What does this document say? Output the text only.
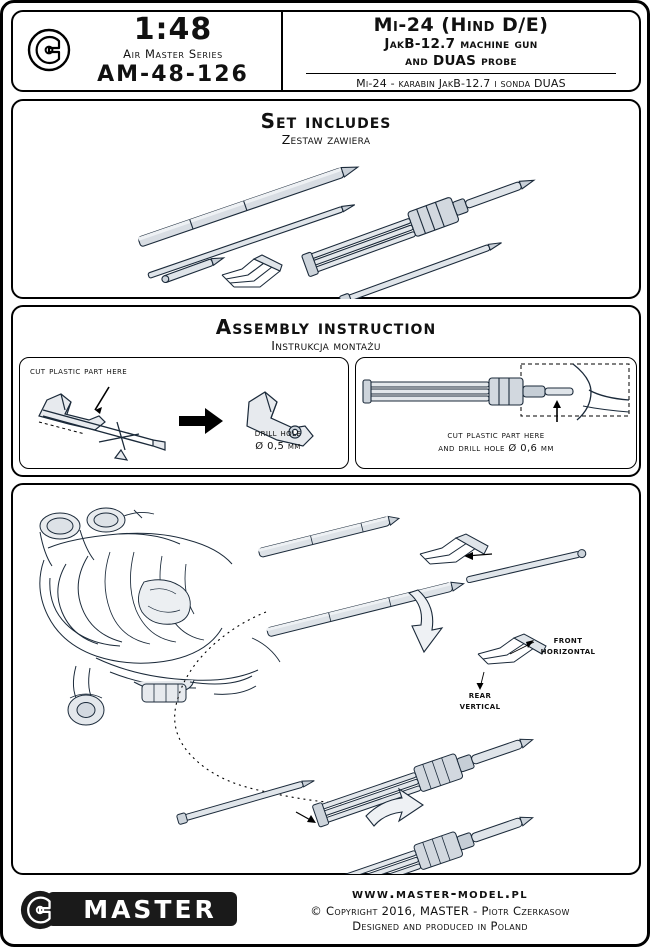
1:48
Air Master Series
AM-48-126
Mi-24 (Hind D/E)
JakB-12.7 machine gun
and DUAS probe
Mi-24 - karabin JakB-12.7 i sonda DUAS
Set includes
Zestaw zawiera
Assembly instruction
Instrukcja montażu
cut plastic part here
drill hole
Ø 0,5 mm
cut plastic part here
and drill hole Ø 0,6 mm
front
horizontal
rear
vertical
MASTER
www.master-model.pl
© Copyright 2016, MASTER - Piotr Czerkasow
Designed and produced in Poland
